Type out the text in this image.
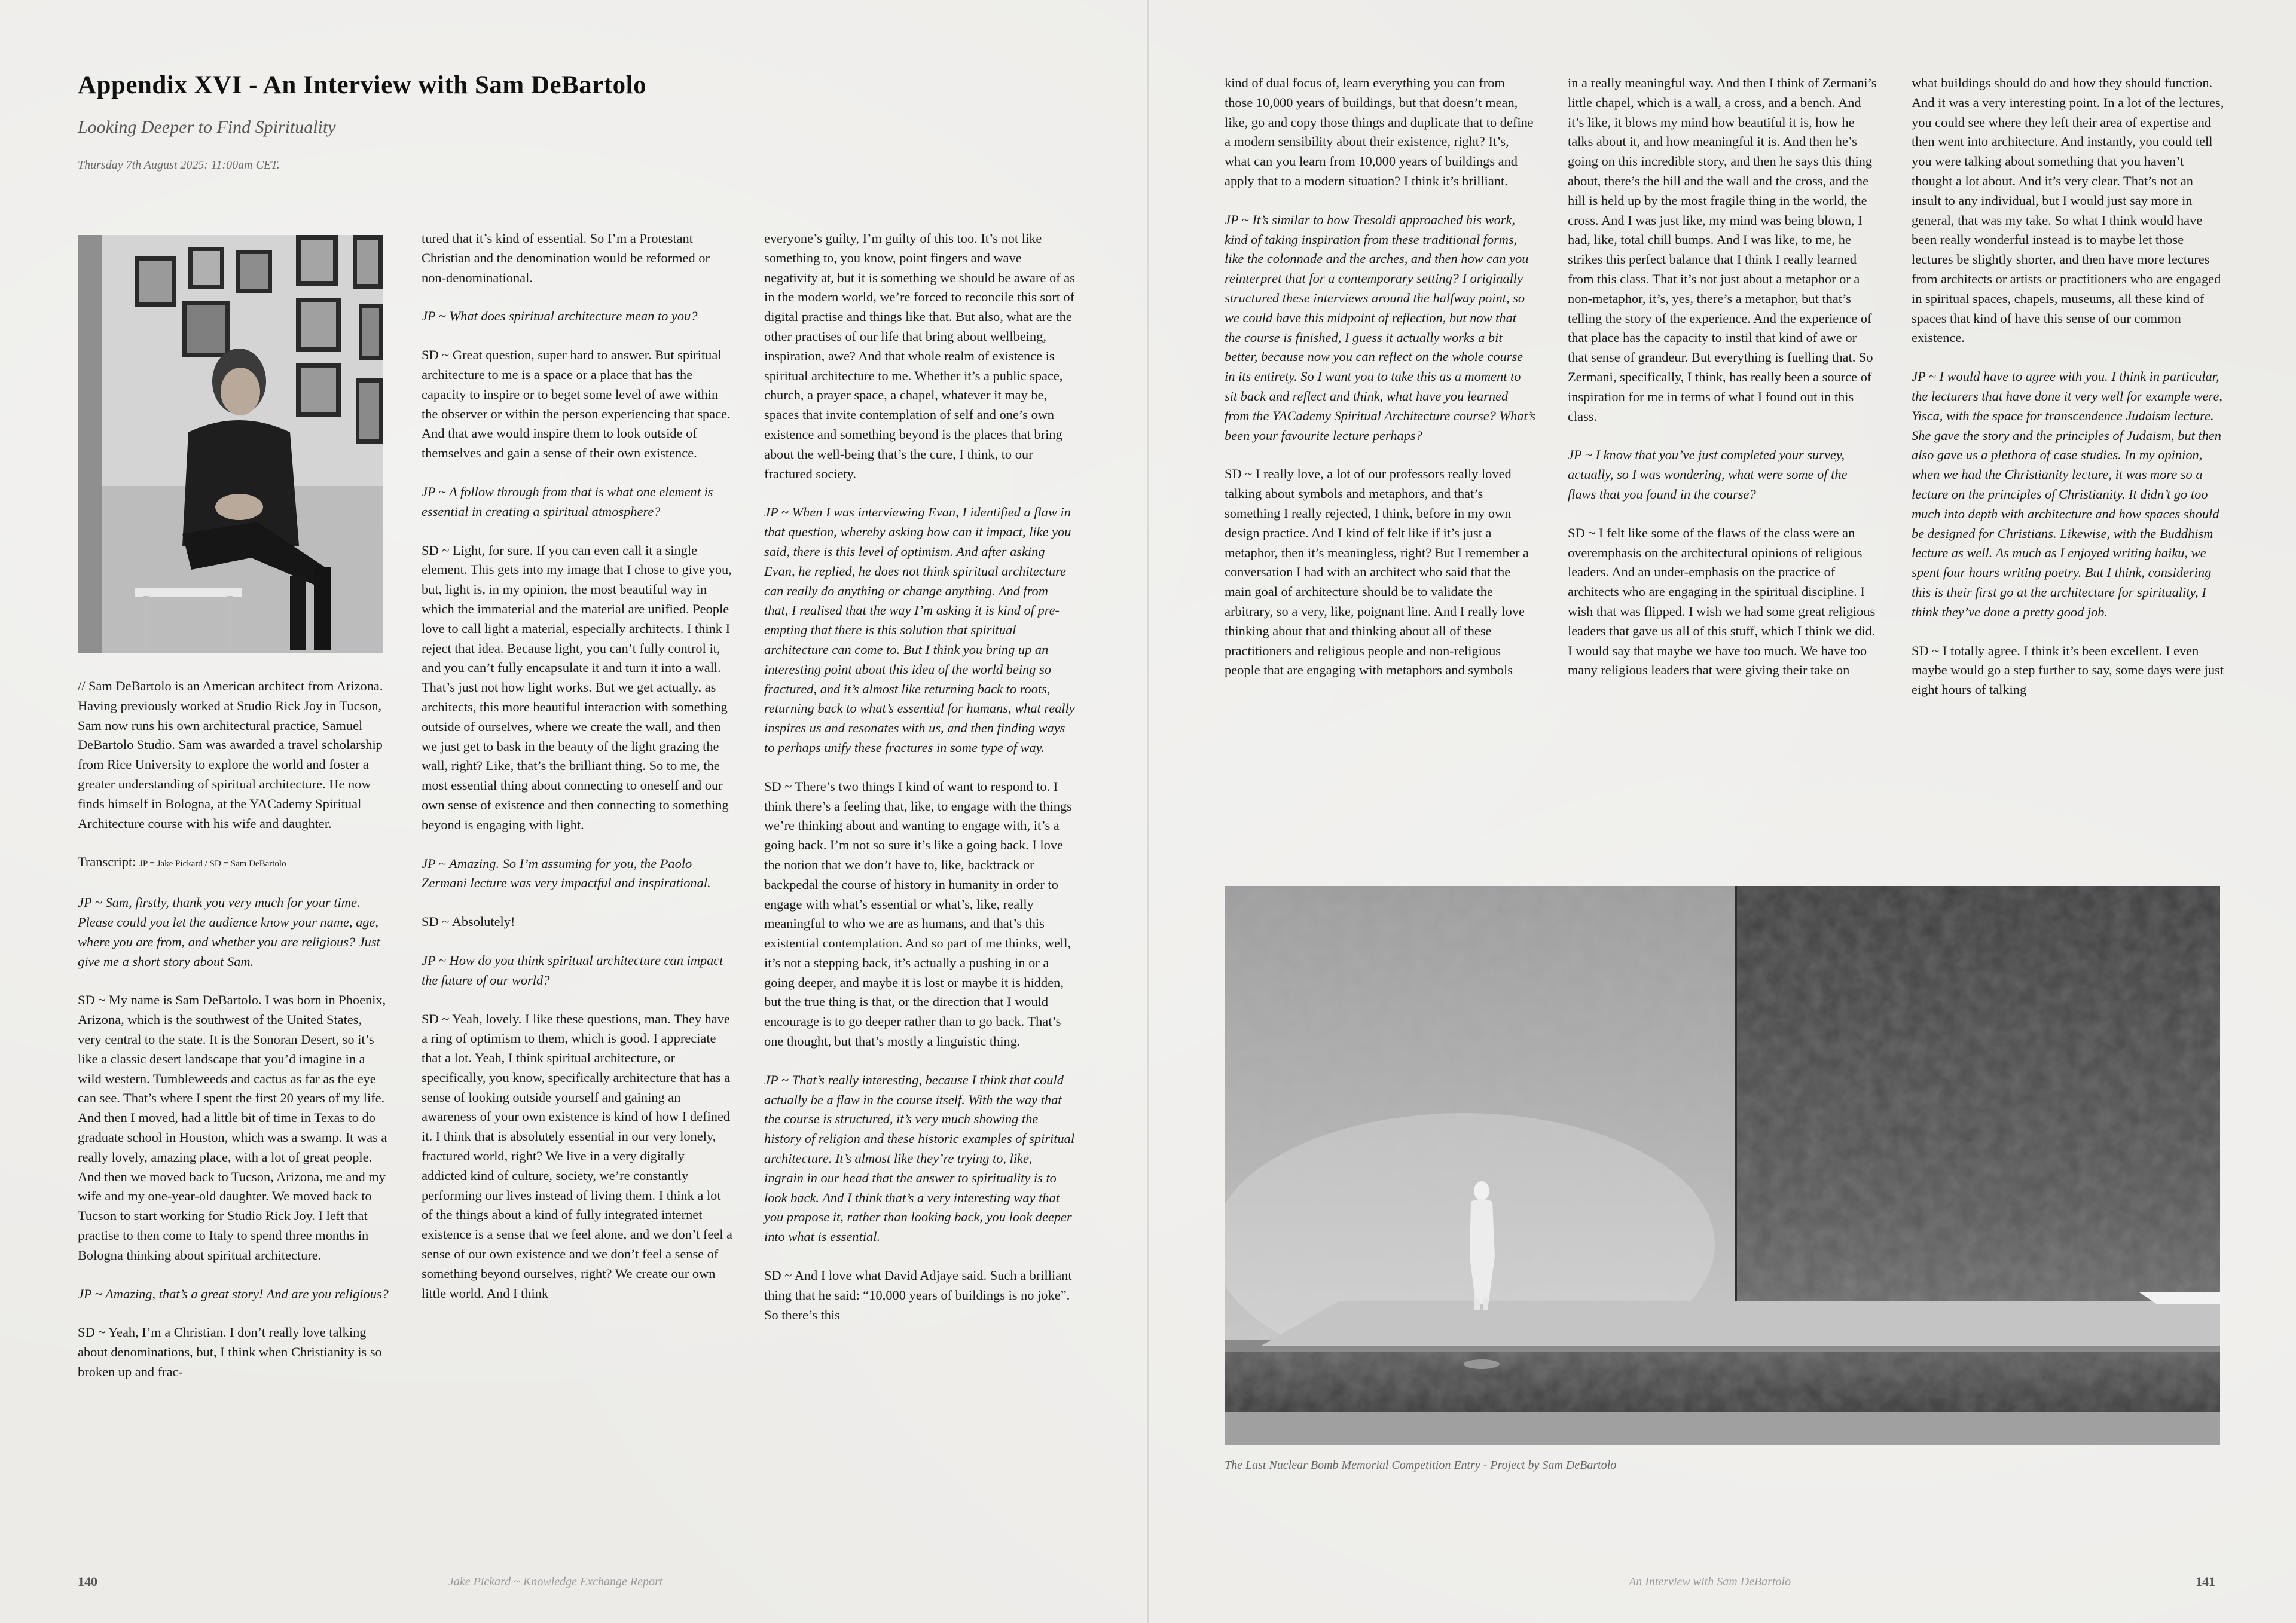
Appendix XVI - An Interview with Sam DeBartolo
Looking Deeper to Find Spirituality
Thursday 7th August 2025: 11:00am CET.

// Sam DeBartolo is an American architect from Arizona. Having previously worked at Studio Rick Joy in Tucson, Sam now runs his own architectural practice, Samuel DeBartolo Studio. Sam was awarded a travel scholarship from Rice University to explore the world and foster a greater understanding of spiritual architecture. He now finds himself in Bologna, at the YACademy Spiritual Architecture course with his wife and daughter.

Transcript: JP = Jake Pickard / SD = Sam DeBartolo

JP ~ Sam, firstly, thank you very much for your time. Please could you let the audience know your name, age, where you are from, and whether you are religious? Just give me a short story about Sam.

SD ~ My name is Sam DeBartolo. I was born in Phoenix, Arizona, which is the southwest of the United States, very central to the state. It is the Sonoran Desert, so it’s like a classic desert landscape that you’d imagine in a wild western. Tumbleweeds and cactus as far as the eye can see. That’s where I spent the first 20 years of my life. And then I moved, had a little bit of time in Texas to do graduate school in Houston, which was a swamp. It was a really lovely, amazing place, with a lot of great people. And then we moved back to Tucson, Arizona, me and my wife and my one-year-old daughter. We moved back to Tucson to start working for Studio Rick Joy. I left that practise to then come to Italy to spend three months in Bologna thinking about spiritual architecture.

JP ~ Amazing, that’s a great story! And are you religious?

SD ~ Yeah, I’m a Christian. I don’t really love talking about denominations, but, I think when Christianity is so broken up and frac-

tured that it’s kind of essential. So I’m a Protestant Christian and the denomination would be reformed or non-denominational.

JP ~ What does spiritual architecture mean to you?

SD ~ Great question, super hard to answer. But spiritual architecture to me is a space or a place that has the capacity to inspire or to beget some level of awe within the observer or within the person experiencing that space. And that awe would inspire them to look outside of themselves and gain a sense of their own existence.

JP ~ A follow through from that is what one element is essential in creating a spiritual atmosphere?

SD ~ Light, for sure. If you can even call it a single element. This gets into my image that I chose to give you, but, light is, in my opinion, the most beautiful way in which the immaterial and the material are unified. People love to call light a material, especially architects. I think I reject that idea. Because light, you can’t fully control it, and you can’t fully encapsulate it and turn it into a wall. That’s just not how light works. But we get actually, as architects, this more beautiful interaction with something outside of ourselves, where we create the wall, and then we just get to bask in the beauty of the light grazing the wall, right? Like, that’s the brilliant thing. So to me, the most essential thing about connecting to oneself and our own sense of existence and then connecting to something beyond is engaging with light.

JP ~ Amazing. So I’m assuming for you, the Paolo Zermani lecture was very impactful and inspirational.

SD ~ Absolutely!

JP ~ How do you think spiritual architecture can impact the future of our world?

SD ~ Yeah, lovely. I like these questions, man. They have a ring of optimism to them, which is good. I appreciate that a lot. Yeah, I think spiritual architecture, or specifically, you know, specifically architecture that has a sense of looking outside yourself and gaining an awareness of your own existence is kind of how I defined it. I think that is absolutely essential in our very lonely, fractured world, right? We live in a very digitally addicted kind of culture, society, we’re constantly performing our lives instead of living them. I think a lot of the things about a kind of fully integrated internet existence is a sense that we feel alone, and we don’t feel a sense of our own existence and we don’t feel a sense of something beyond ourselves, right? We create our own little world. And I think

everyone’s guilty, I’m guilty of this too. It’s not like something to, you know, point fingers and wave negativity at, but it is something we should be aware of as in the modern world, we’re forced to reconcile this sort of digital practise and things like that. But also, what are the other practises of our life that bring about wellbeing, inspiration, awe? And that whole realm of existence is spiritual architecture to me. Whether it’s a public space, church, a prayer space, a chapel, whatever it may be, spaces that invite contemplation of self and one’s own existence and something beyond is the places that bring about the well-being that’s the cure, I think, to our fractured society.

JP ~ When I was interviewing Evan, I identified a flaw in that question, whereby asking how can it impact, like you said, there is this level of optimism. And after asking Evan, he replied, he does not think spiritual architecture can really do anything or change anything. And from that, I realised that the way I’m asking it is kind of pre-empting that there is this solution that spiritual architecture can come to. But I think you bring up an interesting point about this idea of the world being so fractured, and it’s almost like returning back to roots, returning back to what’s essential for humans, what really inspires us and resonates with us, and then finding ways to perhaps unify these fractures in some type of way.

SD ~ There’s two things I kind of want to respond to. I think there’s a feeling that, like, to engage with the things we’re thinking about and wanting to engage with, it’s a going back. I’m not so sure it’s like a going back. I love the notion that we don’t have to, like, backtrack or backpedal the course of history in humanity in order to engage with what’s essential or what’s, like, really meaningful to who we are as humans, and that’s this existential contemplation. And so part of me thinks, well, it’s not a stepping back, it’s actually a pushing in or a going deeper, and maybe it is lost or maybe it is hidden, but the true thing is that, or the direction that I would encourage is to go deeper rather than to go back. That’s one thought, but that’s mostly a linguistic thing.

JP ~ That’s really interesting, because I think that could actually be a flaw in the course itself. With the way that the course is structured, it’s very much showing the history of religion and these historic examples of spiritual architecture. It’s almost like they’re trying to, like, ingrain in our head that the answer to spirituality is to look back. And I think that’s a very interesting way that you propose it, rather than looking back, you look deeper into what is essential.

SD ~ And I love what David Adjaye said. Such a brilliant thing that he said: “10,000 years of buildings is no joke”. So there’s this

140	Jake Pickard ~ Knowledge Exchange Report

kind of dual focus of, learn everything you can from those 10,000 years of buildings, but that doesn’t mean, like, go and copy those things and duplicate that to define a modern sensibility about their existence, right? It’s, what can you learn from 10,000 years of buildings and apply that to a modern situation? I think it’s brilliant.

JP ~ It’s similar to how Tresoldi approached his work, kind of taking inspiration from these traditional forms, like the colonnade and the arches, and then how can you reinterpret that for a contemporary setting? I originally structured these interviews around the halfway point, so we could have this midpoint of reflection, but now that the course is finished, I guess it actually works a bit better, because now you can reflect on the whole course in its entirety. So I want you to take this as a moment to sit back and reflect and think, what have you learned from the YACademy Spiritual Architecture course? What’s been your favourite lecture perhaps?

SD ~ I really love, a lot of our professors really loved talking about symbols and metaphors, and that’s something I really rejected, I think, before in my own design practice. And I kind of felt like if it’s just a metaphor, then it’s meaningless, right? But I remember a conversation I had with an architect who said that the main goal of architecture should be to validate the arbitrary, so a very, like, poignant line. And I really love thinking about that and thinking about all of these practitioners and religious people and non-religious people that are engaging with metaphors and symbols

in a really meaningful way. And then I think of Zermani’s little chapel, which is a wall, a cross, and a bench. And it’s like, it blows my mind how beautiful it is, how he talks about it, and how meaningful it is. And then he’s going on this incredible story, and then he says this thing about, there’s the hill and the wall and the cross, and the hill is held up by the most fragile thing in the world, the cross. And I was just like, my mind was being blown, I had, like, total chill bumps. And I was like, to me, he strikes this perfect balance that I think I really learned from this class. That it’s not just about a metaphor or a non-metaphor, it’s, yes, there’s a metaphor, but that’s telling the story of the experience. And the experience of that place has the capacity to instil that kind of awe or that sense of grandeur. But everything is fuelling that. So Zermani, specifically, I think, has really been a source of inspiration for me in terms of what I found out in this class.

JP ~ I know that you’ve just completed your survey, actually, so I was wondering, what were some of the flaws that you found in the course?

SD ~ I felt like some of the flaws of the class were an overemphasis on the architectural opinions of religious leaders. And an under-emphasis on the practice of architects who are engaging in the spiritual discipline. I wish that was flipped. I wish we had some great religious leaders that gave us all of this stuff, which I think we did. I would say that maybe we have too much. We have too many religious leaders that were giving their take on

what buildings should do and how they should function. And it was a very interesting point. In a lot of the lectures, you could see where they left their area of expertise and then went into architecture. And instantly, you could tell you were talking about something that you haven’t thought a lot about. And it’s very clear. That’s not an insult to any individual, but I would just say more in general, that was my take. So what I think would have been really wonderful instead is to maybe let those lectures be slightly shorter, and then have more lectures from architects or artists or practitioners who are engaged in spiritual spaces, chapels, museums, all these kind of spaces that kind of have this sense of our common existence.

JP ~ I would have to agree with you. I think in particular, the lecturers that have done it very well for example were, Yisca, with the space for transcendence Judaism lecture. She gave the story and the principles of Judaism, but then also gave us a plethora of case studies. In my opinion, when we had the Christianity lecture, it was more so a lecture on the principles of Christianity. It didn’t go too much into depth with architecture and how spaces should be designed for Christians. Likewise, with the Buddhism lecture as well. As much as I enjoyed writing haiku, we spent four hours writing poetry. But I think, considering this is their first go at the architecture for spirituality, I think they’ve done a pretty good job.

SD ~ I totally agree. I think it’s been excellent. I even maybe would go a step further to say, some days were just eight hours of talking

The Last Nuclear Bomb Memorial Competition Entry - Project by Sam DeBartolo
An Interview with Sam DeBartolo	141
